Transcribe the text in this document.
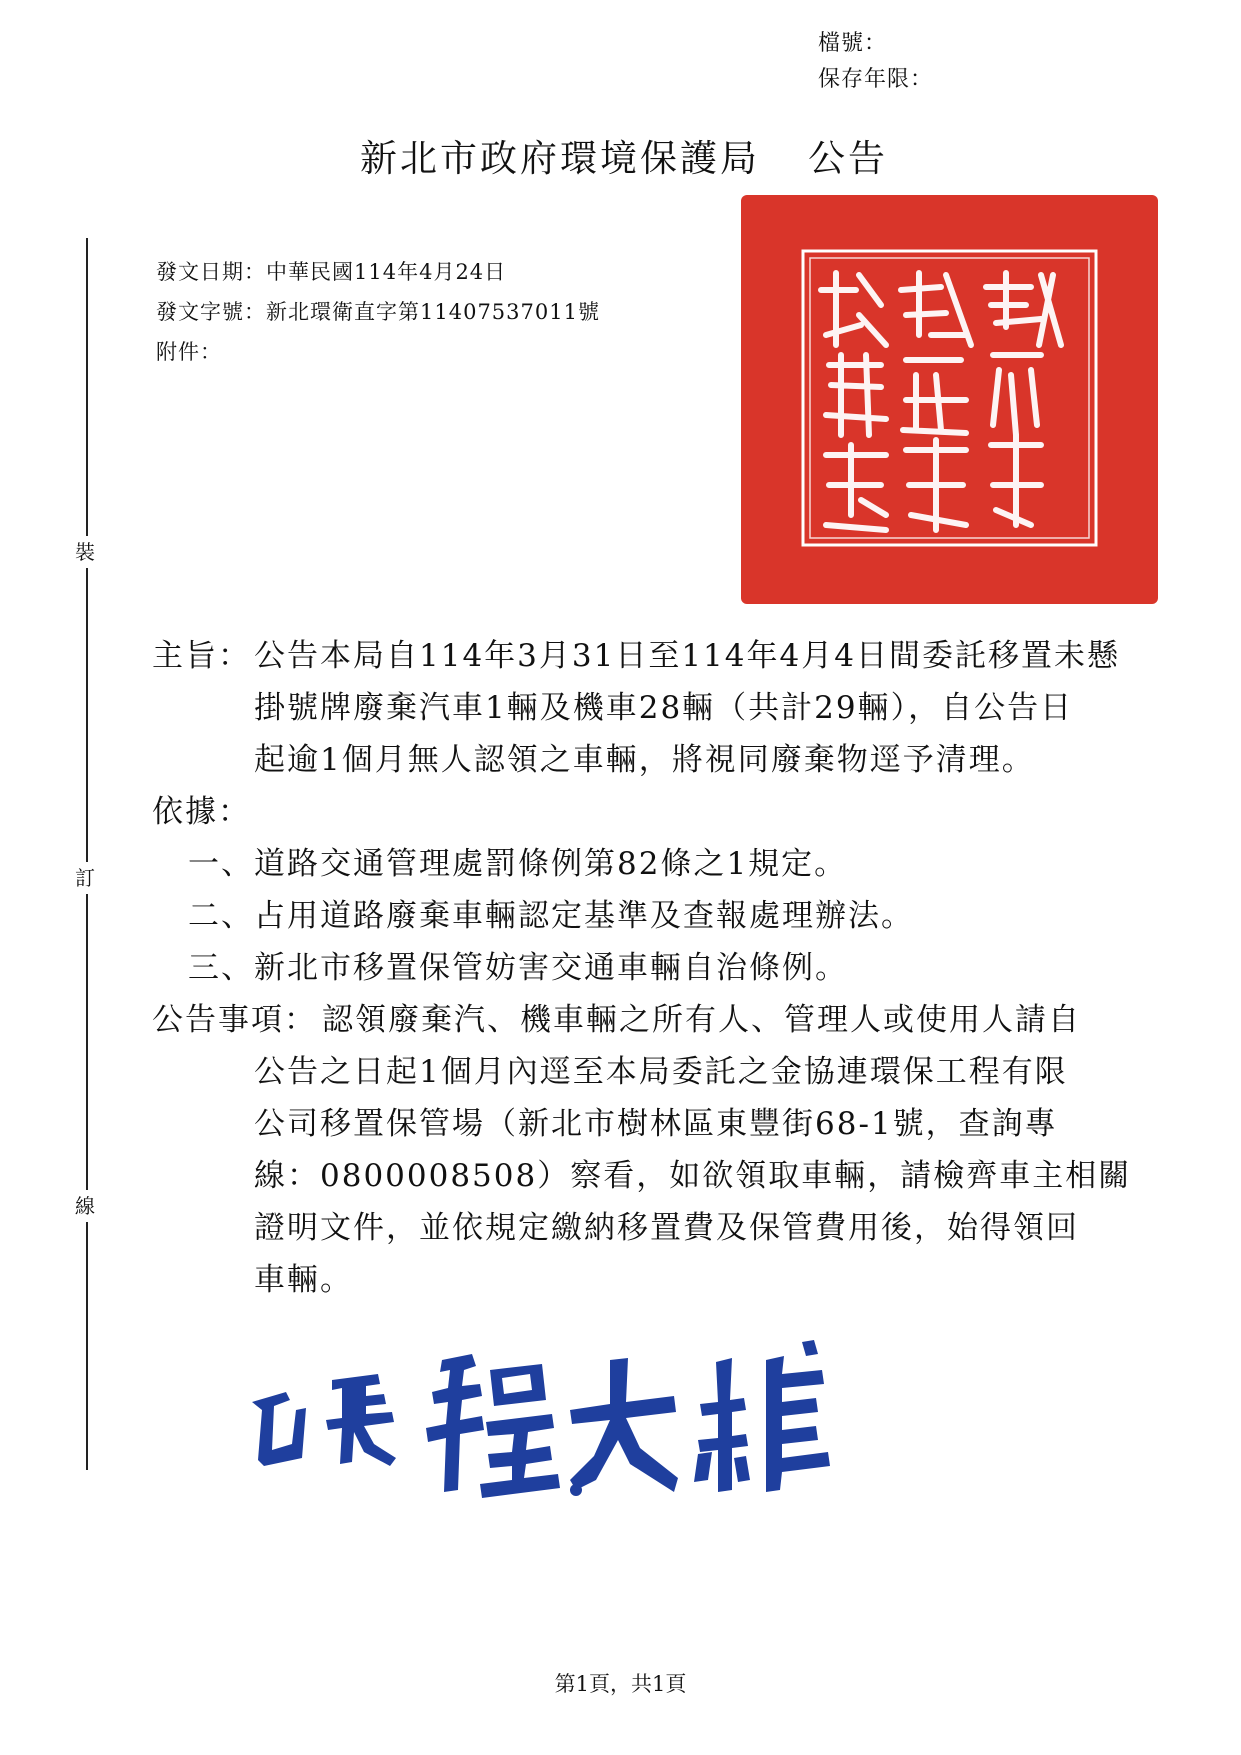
檔號：
保存年限：
新北市政府環境保護局 公告
裝
訂
線
發文日期：中華民國114年4月24日
發文字號：新北環衛直字第11407537011號
附件：
主旨： 公告本局自114年3月31日至114年4月4日間委託移置未懸
掛號牌廢棄汽車1輛及機車28輛（共計29輛），自公告日
起逾1個月無人認領之車輛，將視同廢棄物逕予清理。
依據：
一、道路交通管理處罰條例第82條之1規定。
二、占用道路廢棄車輛認定基準及查報處理辦法。
三、新北市移置保管妨害交通車輛自治條例。
公告事項： 認領廢棄汽、機車輛之所有人、管理人或使用人請自
公告之日起1個月內逕至本局委託之金協連環保工程有限
公司移置保管場（新北市樹林區東豐街68-1號，查詢專
線：0800008508）察看，如欲領取車輛，請檢齊車主相關
證明文件，並依規定繳納移置費及保管費用後，始得領回
車輛。
第1頁，共1頁
